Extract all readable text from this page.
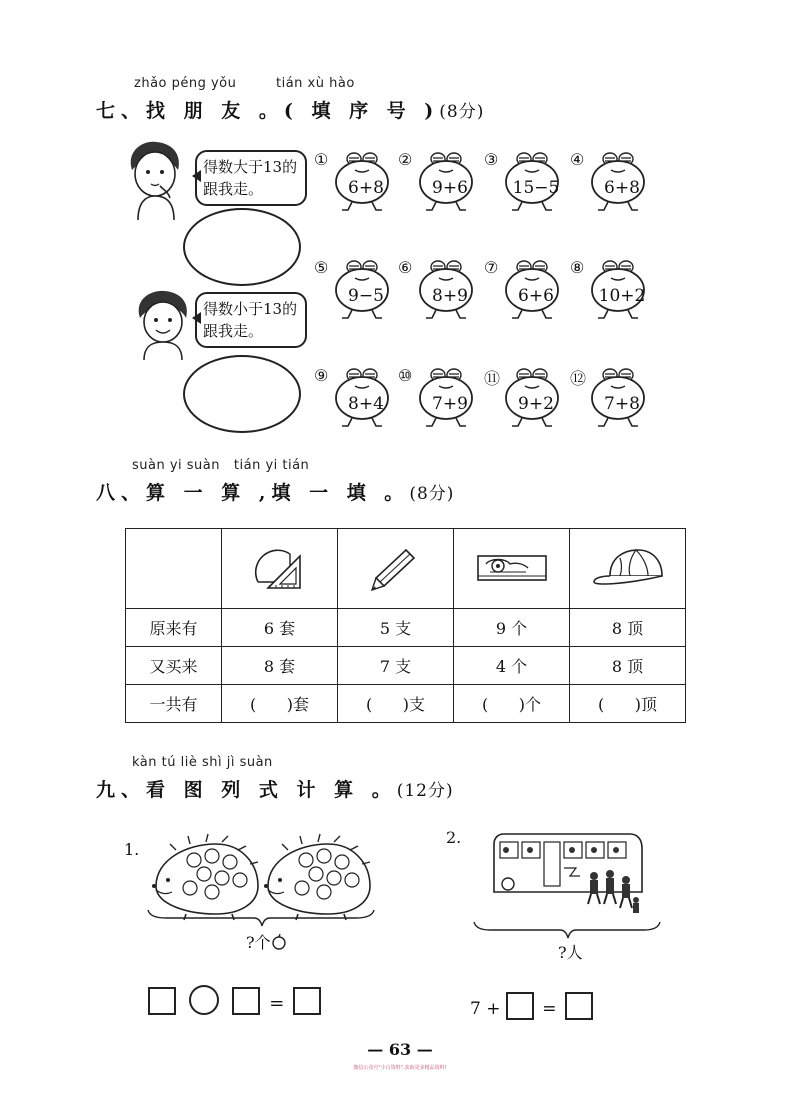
zhǎo péng yǒu	tián xù hào
七、找 朋 友 。( 填 序 号 )(8分)
得数大于13的跟我走。
得数小于13的跟我走。
①
6+8
②
9+6
③
15−5
④
6+8
⑤
9−5
⑥
8+9
⑦
6+6
⑧
10+2
⑨
8+4
⑩
7+9
⑪
9+2
⑫
7+8
suàn yi suàn   tián yi tián
八、算 一 算 ,填 一 填 。(8分)

原来有	6 套	5 支	9 个	8 顶
又买来	8 套	7 支	4 个	8 顶
一共有	(      )套	(      )支	(      )个	(      )顶
kàn tú liè shì jì suàn
九、看 图 列 式 计 算 。(12分)
1.
?个
=
2.
?人
7 + =
— 63 —
微信公众号"小白资料",获取更多精品资料!
